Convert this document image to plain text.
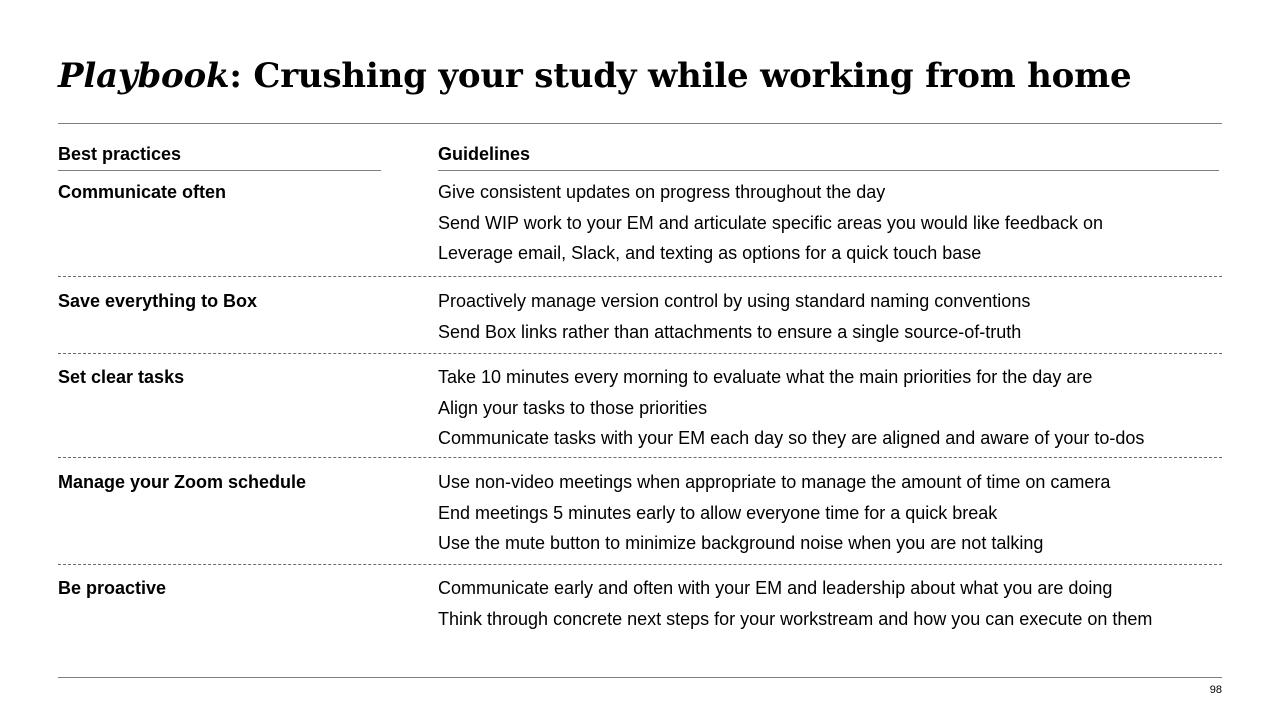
Playbook: Crushing your study while working from home
Best practices	Guidelines
Communicate often	Give consistent updates on progress throughout the day
Send WIP work to your EM and articulate specific areas you would like feedback on
Leverage email, Slack, and texting as options for a quick touch base
Save everything to Box	Proactively manage version control by using standard naming conventions
Send Box links rather than attachments to ensure a single source-of-truth
Set clear tasks	Take 10 minutes every morning to evaluate what the main priorities for the day are
Align your tasks to those priorities
Communicate tasks with your EM each day so they are aligned and aware of your to-dos
Manage your Zoom schedule	Use non-video meetings when appropriate to manage the amount of time on camera
End meetings 5 minutes early to allow everyone time for a quick break
Use the mute button to minimize background noise when you are not talking
Be proactive	Communicate early and often with your EM and leadership about what you are doing
Think through concrete next steps for your workstream and how you can execute on them
98
